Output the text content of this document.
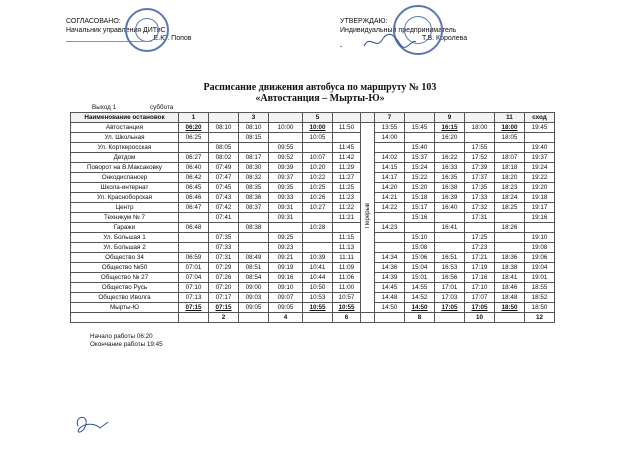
СОГЛАСОВАНО:
Начальник управления ДИТиС
______________________ Е.Ю. Попов
УТВЕРЖДАЮ:
Индивидуальный предприниматель
Т.В. Королева
-
Расписание движения автобуса по маршруту № 103
«Автостанция – Мырты-Ю»
Выход 1	суббота
Наименование остановок	1		3		5			7		9		11	сход
Автостанция	06:20	08:10	08:10	10:00	10:00	11:50	Перерыв	13:55	15:45	16:15	18:00	18:00	19:45
Ул. Школьная	06:25		08:15		10:05			14:00		16:20		18:05	
Ул. Корткеросская		08:05		09:55		11:45			15:40		17:55		19:40
Детдом	06:27	08:02	08:17	09:52	10:07	11:42		14:02	15:37	16:22	17:52	18:07	19:37
Поворот на В.Максаковку	06:40	07:49	08:30	09:39	10:20	11:29		14:15	15:24	16:33	17:39	18:18	19:24
Онкодиспансер	06:42	07:47	08:32	09:37	10:22	11:27		14:17	15:22	16:35	17:37	18:20	19:22
Школа-интернат	06:45	07:45	08:35	09:35	10:25	11:25		14:20	15:20	16:38	17:35	18:23	19:20
Ул. Красноборская	06:46	07:43	08:36	09:33	10:26	11:23		14:21	15:18	16:39	17:33	18:24	19:18
Центр	06:47	07:42	08:37	09:31	10:27	11:22		14:22	15:17	16:40	17:32	18:25	19:17
Техникум № 7		07:41		09:31		11:21			15:16		17:31		19:16
Гаражи	06:48		08:38		10:28			14:23		16:41		18:26	
Ул. Большая 1		07:35		09:25		11:15			15:10		17:25		19:10
Ул. Большая 2		07:33		09:23		11:13			15:08		17:23		19:08
Общество 34	06:59	07:31	08:49	09:21	10:39	11:11		14:34	15:06	16:51	17:21	18:36	19:06
Общество №50	07:01	07:29	08:51	09:19	10:41	11:09		14:36	15:04	16:53	17:19	18:38	19:04
Общество № 27	07:04	07:26	08:54	09:16	10:44	11:06		14:39	15:01	16:56	17:16	18:41	19:01
Общество Русь	07:10	07:20	09:00	09:10	10:50	11:00		14:45	14:55	17:01	17:10	18:46	18:55
Общество Иволга	07:13	07:17	09:03	09:07	10:53	10:57		14:48	14:52	17:03	17:07	18:48	18:52
Мырты-Ю	07:15	07:15	09:05	09:05	10:55	10:55		14:50	14:50	17:05	17:05	18:50	18:50
		2		4		6			8		10		12
Начало работы 06:20
Окончание работы 19:45
